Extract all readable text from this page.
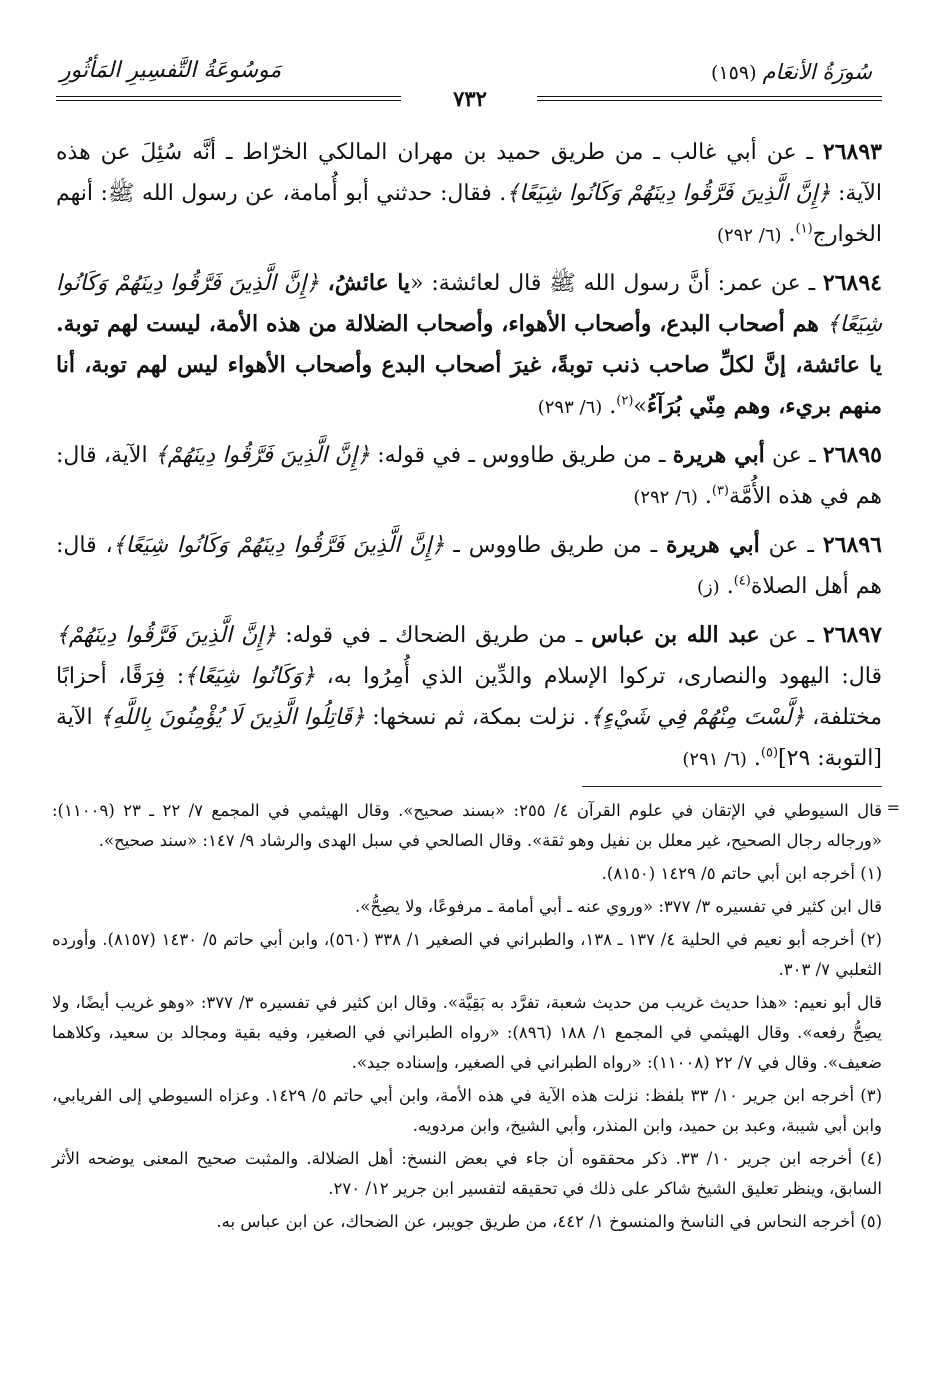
سُورَةُ الأنعَام (١٥٩)
مَوسُوعَةُ التَّفسِيرِ المَأثُورِ
٧٣٢
٢٦٨٩٣ ـ عن أبي غالب ـ من طريق حميد بن مهران المالكي الخرّاط ـ أنَّه سُئِلَ عن هذه الآية: ﴿إِنَّ الَّذِينَ فَرَّقُوا دِينَهُمْ وَكَانُوا شِيَعًا﴾. فقال: حدثني أبو أُمامة، عن رسول الله ﷺ: أنهم الخوارج$^{(١)}$. (٦/ ٢٩٢)
٢٦٨٩٤ ـ عن عمر: أنَّ رسول الله ﷺ قال لعائشة: «يا عائشُ، ﴿إِنَّ الَّذِينَ فَرَّقُوا دِينَهُمْ وَكَانُوا شِيَعًا﴾ هم أصحاب البدع، وأصحاب الأهواء، وأصحاب الضلالة من هذه الأمة، ليست لهم توبة. يا عائشة، إنَّ لكلِّ صاحب ذنب توبةً، غيرَ أصحاب البدع وأصحاب الأهواء ليس لهم توبة، أنا منهم بريء، وهم مِنّي بُرَآءُ»$^{(٢)}$. (٦/ ٢٩٣)
٢٦٨٩٥ ـ عن أبي هريرة ـ من طريق طاووس ـ في قوله: ﴿إِنَّ الَّذِينَ فَرَّقُوا دِينَهُمْ﴾ الآية، قال: هم في هذه الأُمَّة$^{(٣)}$. (٦/ ٢٩٢)
٢٦٨٩٦ ـ عن أبي هريرة ـ من طريق طاووس ـ ﴿إِنَّ الَّذِينَ فَرَّقُوا دِينَهُمْ وَكَانُوا شِيَعًا﴾، قال: هم أهل الصلاة$^{(٤)}$. (ز)
٢٦٨٩٧ ـ عن عبد الله بن عباس ـ من طريق الضحاك ـ في قوله: ﴿إِنَّ الَّذِينَ فَرَّقُوا دِينَهُمْ﴾ قال: اليهود والنصارى، تركوا الإسلام والدِّين الذي أُمِرُوا به، ﴿وَكَانُوا شِيَعًا﴾: فِرَقًا، أحزابًا مختلفة، ﴿لَّسْتَ مِنْهُمْ فِي شَيْءٍ﴾. نزلت بمكة، ثم نسخها: ﴿قَاتِلُوا الَّذِينَ لَا يُؤْمِنُونَ بِاللَّهِ﴾ الآية [التوبة: ٢٩]$^{(٥)}$. (٦/ ٢٩١)
=
قال السيوطي في الإتقان في علوم القرآن ٤/ ٢٥٥: «بسند صحيح». وقال الهيثمي في المجمع ٧/ ٢٢ ـ ٢٣ (١١٠٠٩): «ورجاله رجال الصحيح، غير معلل بن نفيل وهو ثقة». وقال الصالحي في سبل الهدى والرشاد ٩/ ١٤٧: «سند صحيح».
(١) أخرجه ابن أبي حاتم ٥/ ١٤٢٩ (٨١٥٠).
قال ابن كثير في تفسيره ٣/ ٣٧٧: «وروي عنه ـ أبي أمامة ـ مرفوعًا، ولا يصِحُّ».
(٢) أخرجه أبو نعيم في الحلية ٤/ ١٣٧ ـ ١٣٨، والطبراني في الصغير ١/ ٣٣٨ (٥٦٠)، وابن أبي حاتم ٥/ ١٤٣٠ (٨١٥٧). وأورده الثعلبي ٧/ ٣٠٣.
قال أبو نعيم: «هذا حديث غريب من حديث شعبة، تفرَّد به بَقِيَّة». وقال ابن كثير في تفسيره ٣/ ٣٧٧: «وهو غريب أيضًا، ولا يصِحُّ رفعه». وقال الهيثمي في المجمع ١/ ١٨٨ (٨٩٦): «رواه الطبراني في الصغير، وفيه بقية ومجالد بن سعيد، وكلاهما ضعيف». وقال في ٧/ ٢٢ (١١٠٠٨): «رواه الطبراني في الصغير، وإسناده جيد».
(٣) أخرجه ابن جرير ١٠/ ٣٣ بلفظ: نزلت هذه الآية في هذه الأمة، وابن أبي حاتم ٥/ ١٤٢٩. وعزاه السيوطي إلى الفريابي، وابن أبي شيبة، وعبد بن حميد، وابن المنذر، وأبي الشيخ، وابن مردويه.
(٤) أخرجه ابن جرير ١٠/ ٣٣. ذكر محققوه أن جاء في بعض النسخ: أهل الضلالة. والمثبت صحيح المعنى يوضحه الأثر السابق، وينظر تعليق الشيخ شاكر على ذلك في تحقيقه لتفسير ابن جرير ١٢/ ٢٧٠.
(٥) أخرجه النحاس في الناسخ والمنسوخ ١/ ٤٤٢، من طريق جويبر، عن الضحاك، عن ابن عباس به.
